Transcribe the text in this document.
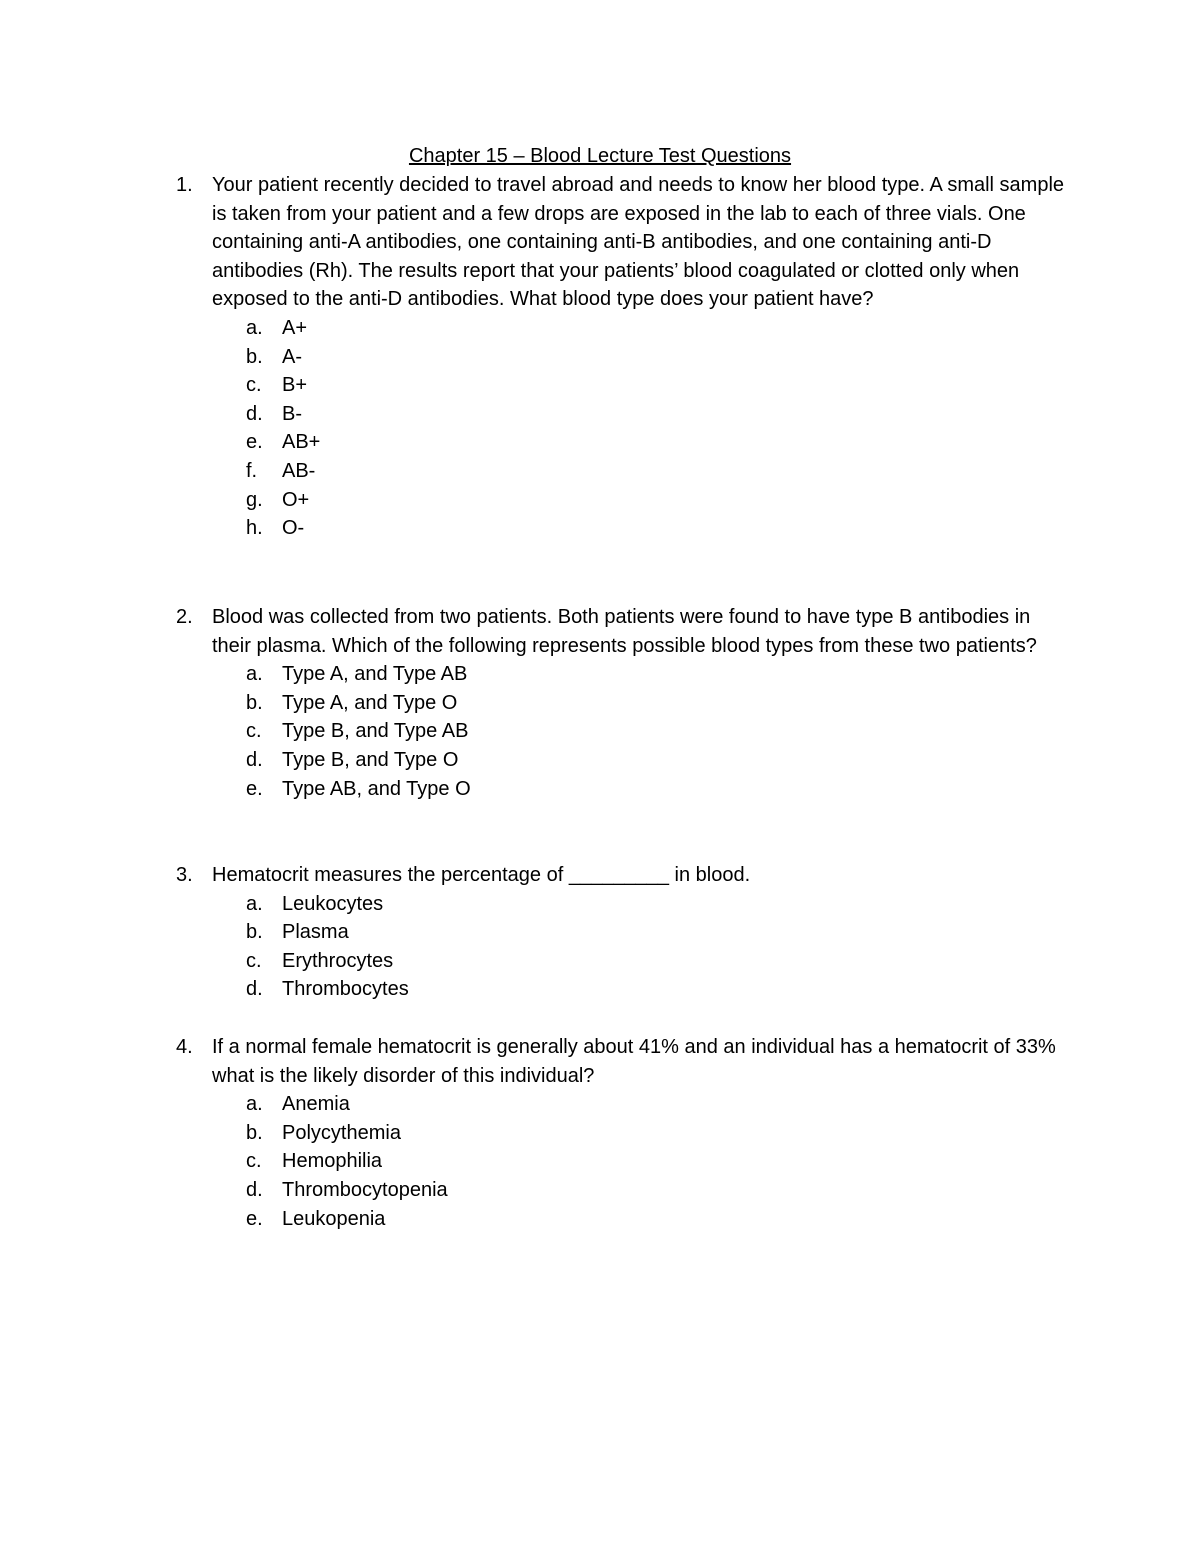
Chapter 15 – Blood Lecture Test Questions
1. Your patient recently decided to travel abroad and needs to know her blood type. A small sample is taken from your patient and a few drops are exposed in the lab to each of three vials. One containing anti-A antibodies, one containing anti-B antibodies, and one containing anti-D antibodies (Rh). The results report that your patients’ blood coagulated or clotted only when exposed to the anti-D antibodies. What blood type does your patient have?
a. A+
b. A-
c. B+
d. B-
e. AB+
f. AB-
g. O+
h. O-
2. Blood was collected from two patients. Both patients were found to have type B antibodies in their plasma. Which of the following represents possible blood types from these two patients?
a. Type A, and Type AB
b. Type A, and Type O
c. Type B, and Type AB
d. Type B, and Type O
e. Type AB, and Type O
3. Hematocrit measures the percentage of _________ in blood.
a. Leukocytes
b. Plasma
c. Erythrocytes
d. Thrombocytes
4. If a normal female hematocrit is generally about 41% and an individual has a hematocrit of 33% what is the likely disorder of this individual?
a. Anemia
b. Polycythemia
c. Hemophilia
d. Thrombocytopenia
e. Leukopenia
